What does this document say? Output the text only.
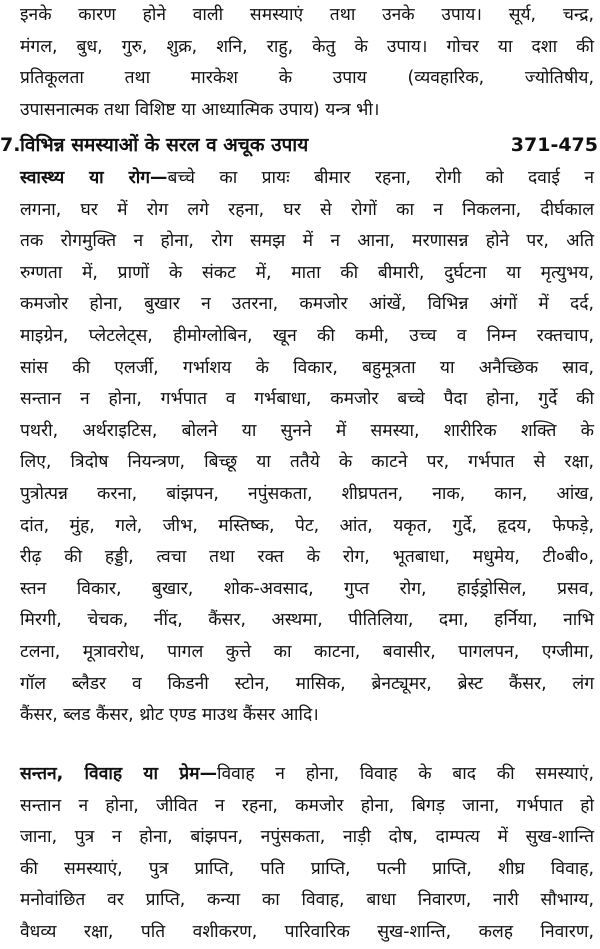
इनके कारण होने वाली समस्याएं तथा उनके उपाय। सूर्य, चन्द्र,
मंगल, बुध, गुरु, शुक्र, शनि, राहु, केतु के उपाय। गोचर या दशा की
प्रतिकूलता तथा मारकेश के उपाय (व्यवहारिक, ज्योतिषीय,
उपासनात्मक तथा विशिष्ट या आध्यात्मिक उपाय) यन्त्र भी।
7. विभिन्न समस्याओं के सरल व अचूक उपाय	371-475
स्वास्थ्य या रोग—बच्चे का प्रायः बीमार रहना, रोगी को दवाई न
लगना, घर में रोग लगे रहना, घर से रोगों का न निकलना, दीर्घकाल
तक रोगमुक्ति न होना, रोग समझ में न आना, मरणासन्न होने पर, अति
रुग्णता में, प्राणों के संकट में, माता की बीमारी, दुर्घटना या मृत्युभय,
कमजोर होना, बुखार न उतरना, कमजोर आंखें, विभिन्न अंगों में दर्द,
माइग्रेन, प्लेटलेट्स, हीमोग्लोबिन, खून की कमी, उच्च व निम्न रक्तचाप,
सांस की एलर्जी, गर्भाशय के विकार, बहुमूत्रता या अनैच्छिक स्राव,
सन्तान न होना, गर्भपात व गर्भबाधा, कमजोर बच्चे पैदा होना, गुर्दे की
पथरी, अर्थराइटिस, बोलने या सुनने में समस्या, शारीरिक शक्ति के
लिए, त्रिदोष नियन्त्रण, बिच्छू या ततैये के काटने पर, गर्भपात से रक्षा,
पुत्रोत्पन्न करना, बांझपन, नपुंसकता, शीघ्रपतन, नाक, कान, आंख,
दांत, मुंह, गले, जीभ, मस्तिष्क, पेट, आंत, यकृत, गुर्दे, हृदय, फेफड़े,
रीढ़ की हड्डी, त्वचा तथा रक्त के रोग, भूतबाधा, मधुमेय, टी०बी०,
स्तन विकार, बुखार, शोक-अवसाद, गुप्त रोग, हाईड्रोसिल, प्रसव,
मिरगी, चेचक, नींद, कैंसर, अस्थमा, पीतिलिया, दमा, हर्निया, नाभि
टलना, मूत्रावरोध, पागल कुत्ते का काटना, बवासीर, पागलपन, एग्जीमा,
गॉल ब्लैडर व किडनी स्टोन, मासिक, ब्रेनट्यूमर, ब्रेस्ट कैंसर, लंग
कैंसर, ब्लड कैंसर, थ्रोट एण्ड माउथ कैंसर आदि।
सन्तन, विवाह या प्रेम—विवाह न होना, विवाह के बाद की समस्याएं,
सन्तान न होना, जीवित न रहना, कमजोर होना, बिगड़ जाना, गर्भपात हो
जाना, पुत्र न होना, बांझपन, नपुंसकता, नाड़ी दोष, दाम्पत्य में सुख-शान्ति
की समस्याएं, पुत्र प्राप्ति, पति प्राप्ति, पत्नी प्राप्ति, शीघ्र विवाह,
मनोवांछित वर प्राप्ति, कन्या का विवाह, बाधा निवारण, नारी सौभाग्य,
वैधव्य रक्षा, पति वशीकरण, पारिवारिक सुख-शान्ति, कलह निवारण,
